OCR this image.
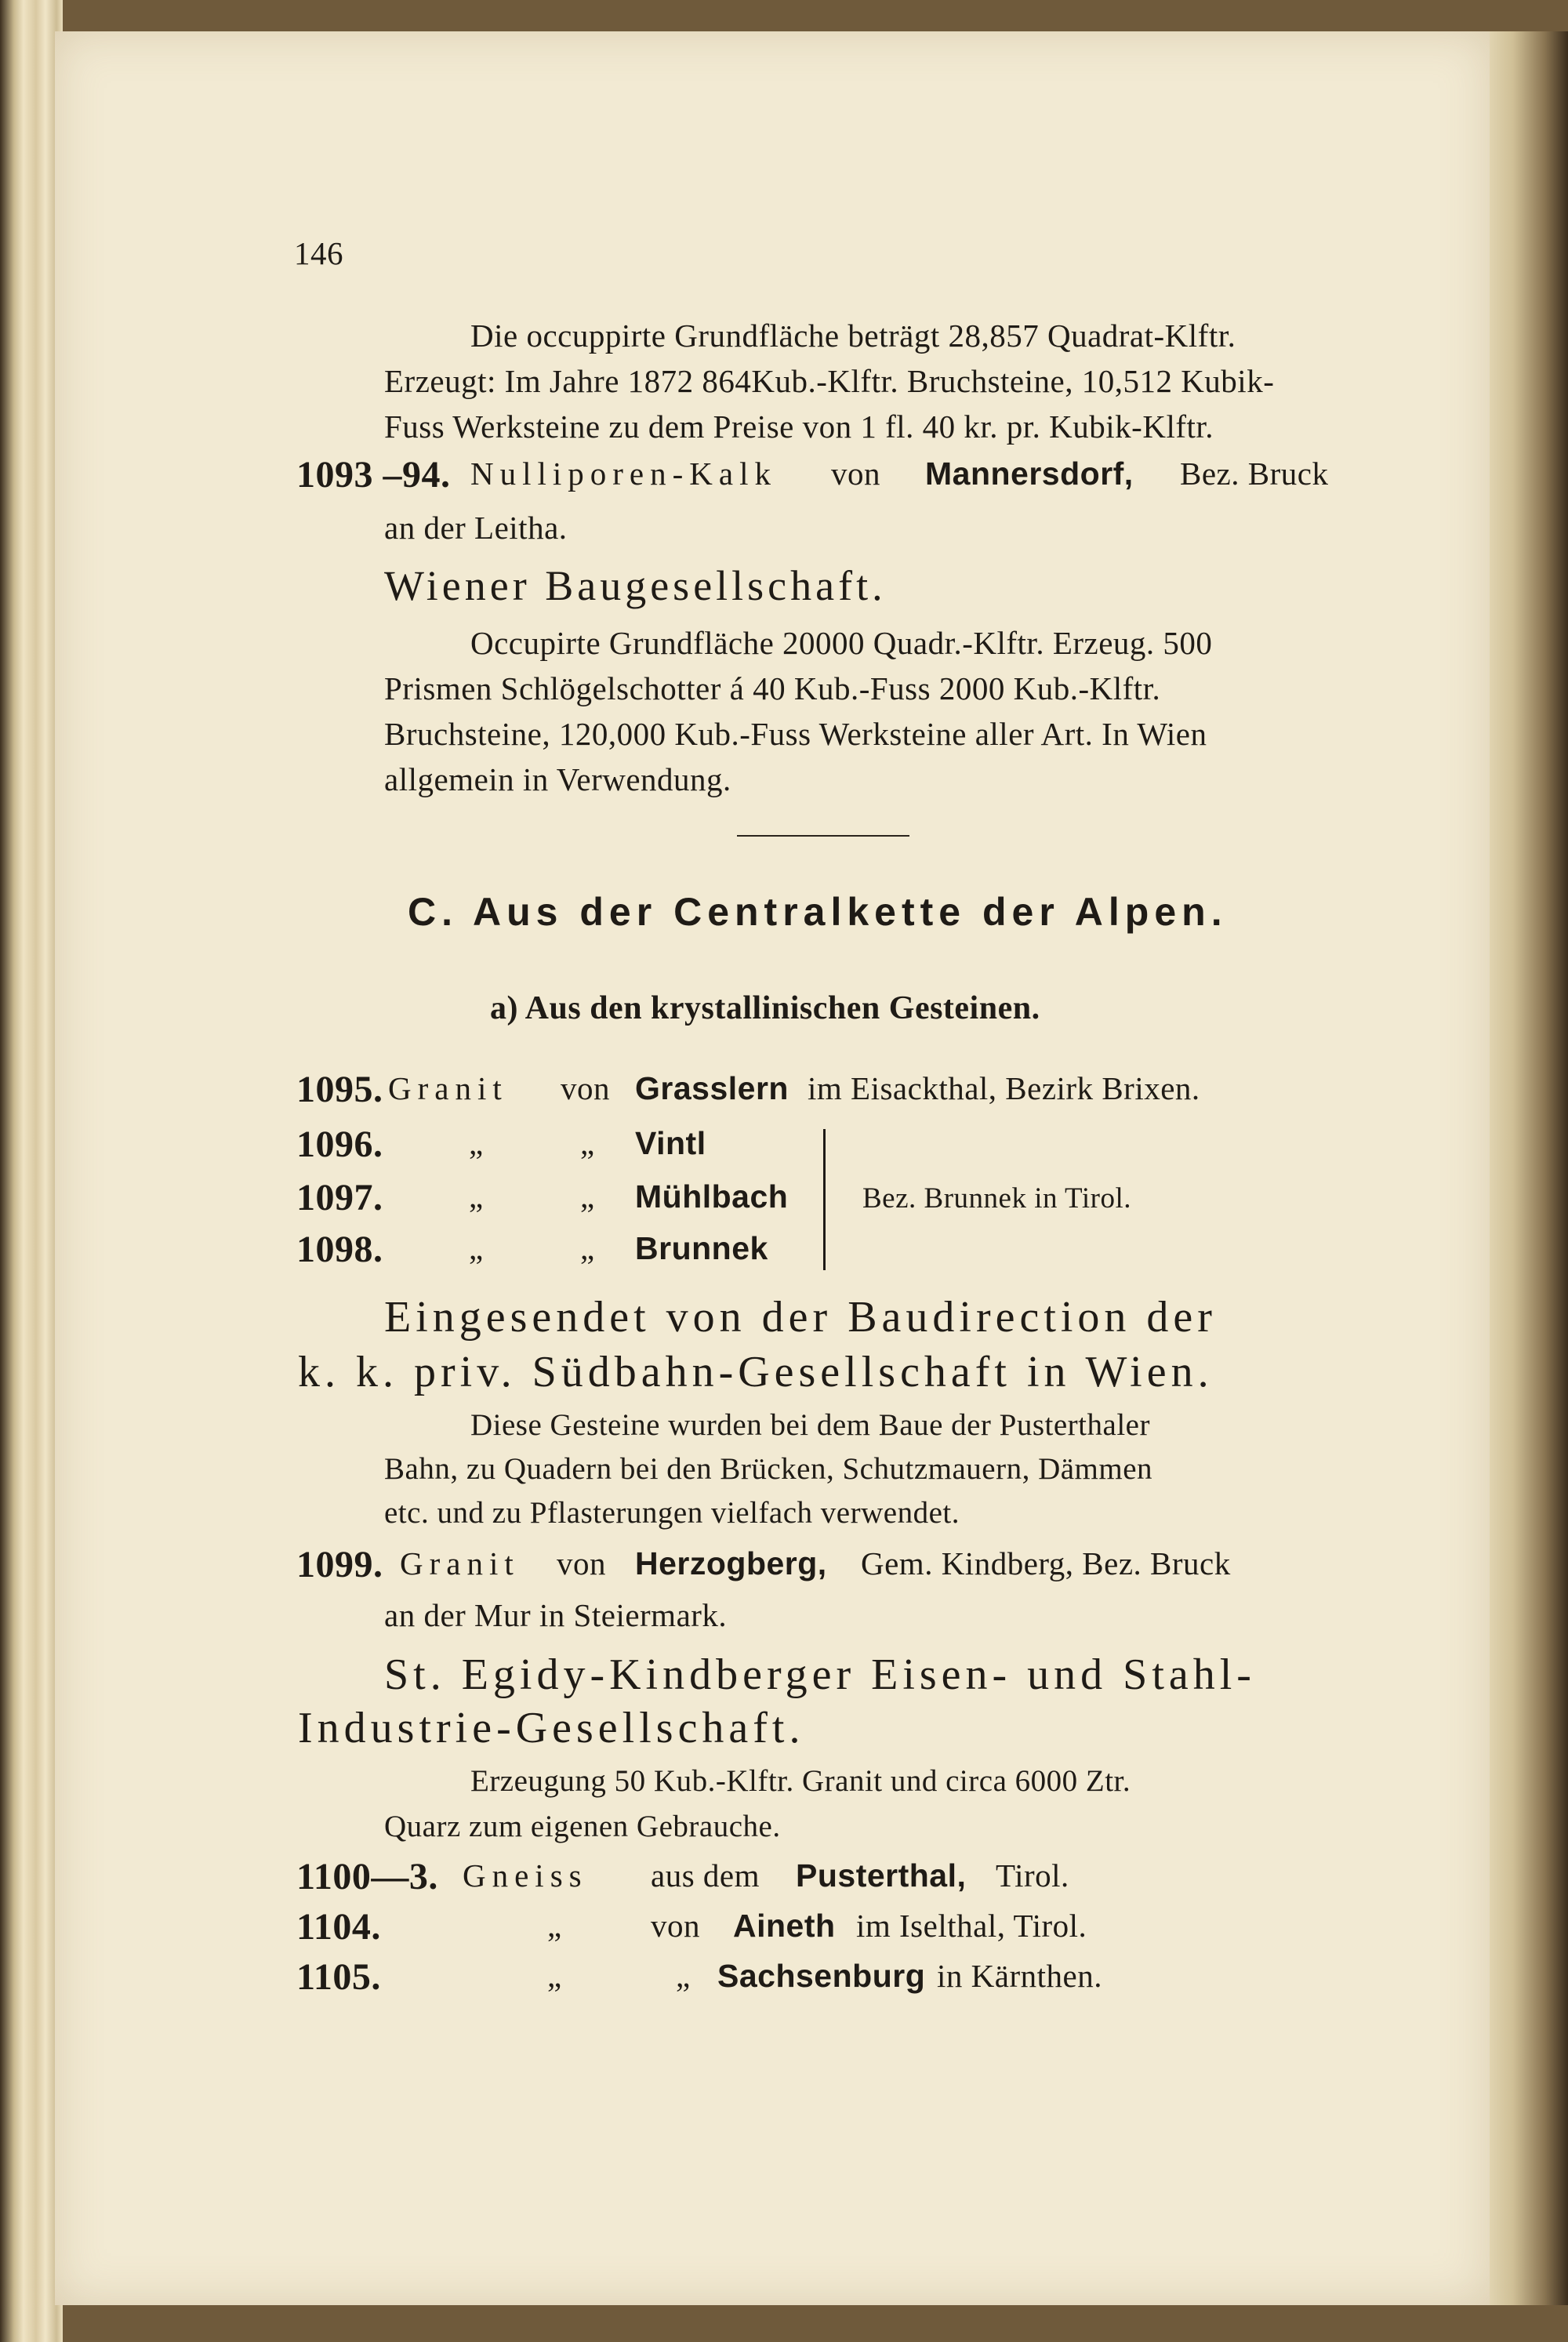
146
Die occuppirte Grundfläche beträgt 28,857 Quadrat-Klftr.
Erzeugt: Im Jahre 1872 864Kub.-Klftr. Bruchsteine, 10,512 Kubik-
Fuss Werksteine zu dem Preise von 1 fl. 40 kr. pr. Kubik-Klftr.
1093 –94. Nulliporen-Kalk von Mannersdorf, Bez. Bruck
an der Leitha.
Wiener Baugesellschaft.
Occupirte Grundfläche 20000 Quadr.-Klftr. Erzeug. 500
Prismen Schlögelschotter á 40 Kub.-Fuss 2000 Kub.-Klftr.
Bruchsteine, 120,000 Kub.-Fuss Werksteine aller Art. In Wien
allgemein in Verwendung.
C. Aus der Centralkette der Alpen.
a) Aus den krystallinischen Gesteinen.
1095. Granit von Grasslern im Eisackthal, Bezirk Brixen.
1096.	„	„ Vintl
1097.	„	„ Mühlbach
1098.	„	„ Brunnek
Bez. Brunnek in Tirol.
Eingesendet von der Baudirection der
k. k. priv. Südbahn-Gesellschaft in Wien.
Diese Gesteine wurden bei dem Baue der Pusterthaler
Bahn, zu Quadern bei den Brücken, Schutzmauern, Dämmen
etc. und zu Pflasterungen vielfach verwendet.
1099. Granit von Herzogberg, Gem. Kindberg, Bez. Bruck
an der Mur in Steiermark.
St. Egidy-Kindberger Eisen- und Stahl-
Industrie-Gesellschaft.
Erzeugung 50 Kub.-Klftr. Granit und circa 6000 Ztr.
Quarz zum eigenen Gebrauche.
1100—3. Gneiss aus dem Pusterthal, Tirol.
1104.	„	von Aineth im Iselthal, Tirol.
1105.	„	„ Sachsenburg in Kärnthen.
